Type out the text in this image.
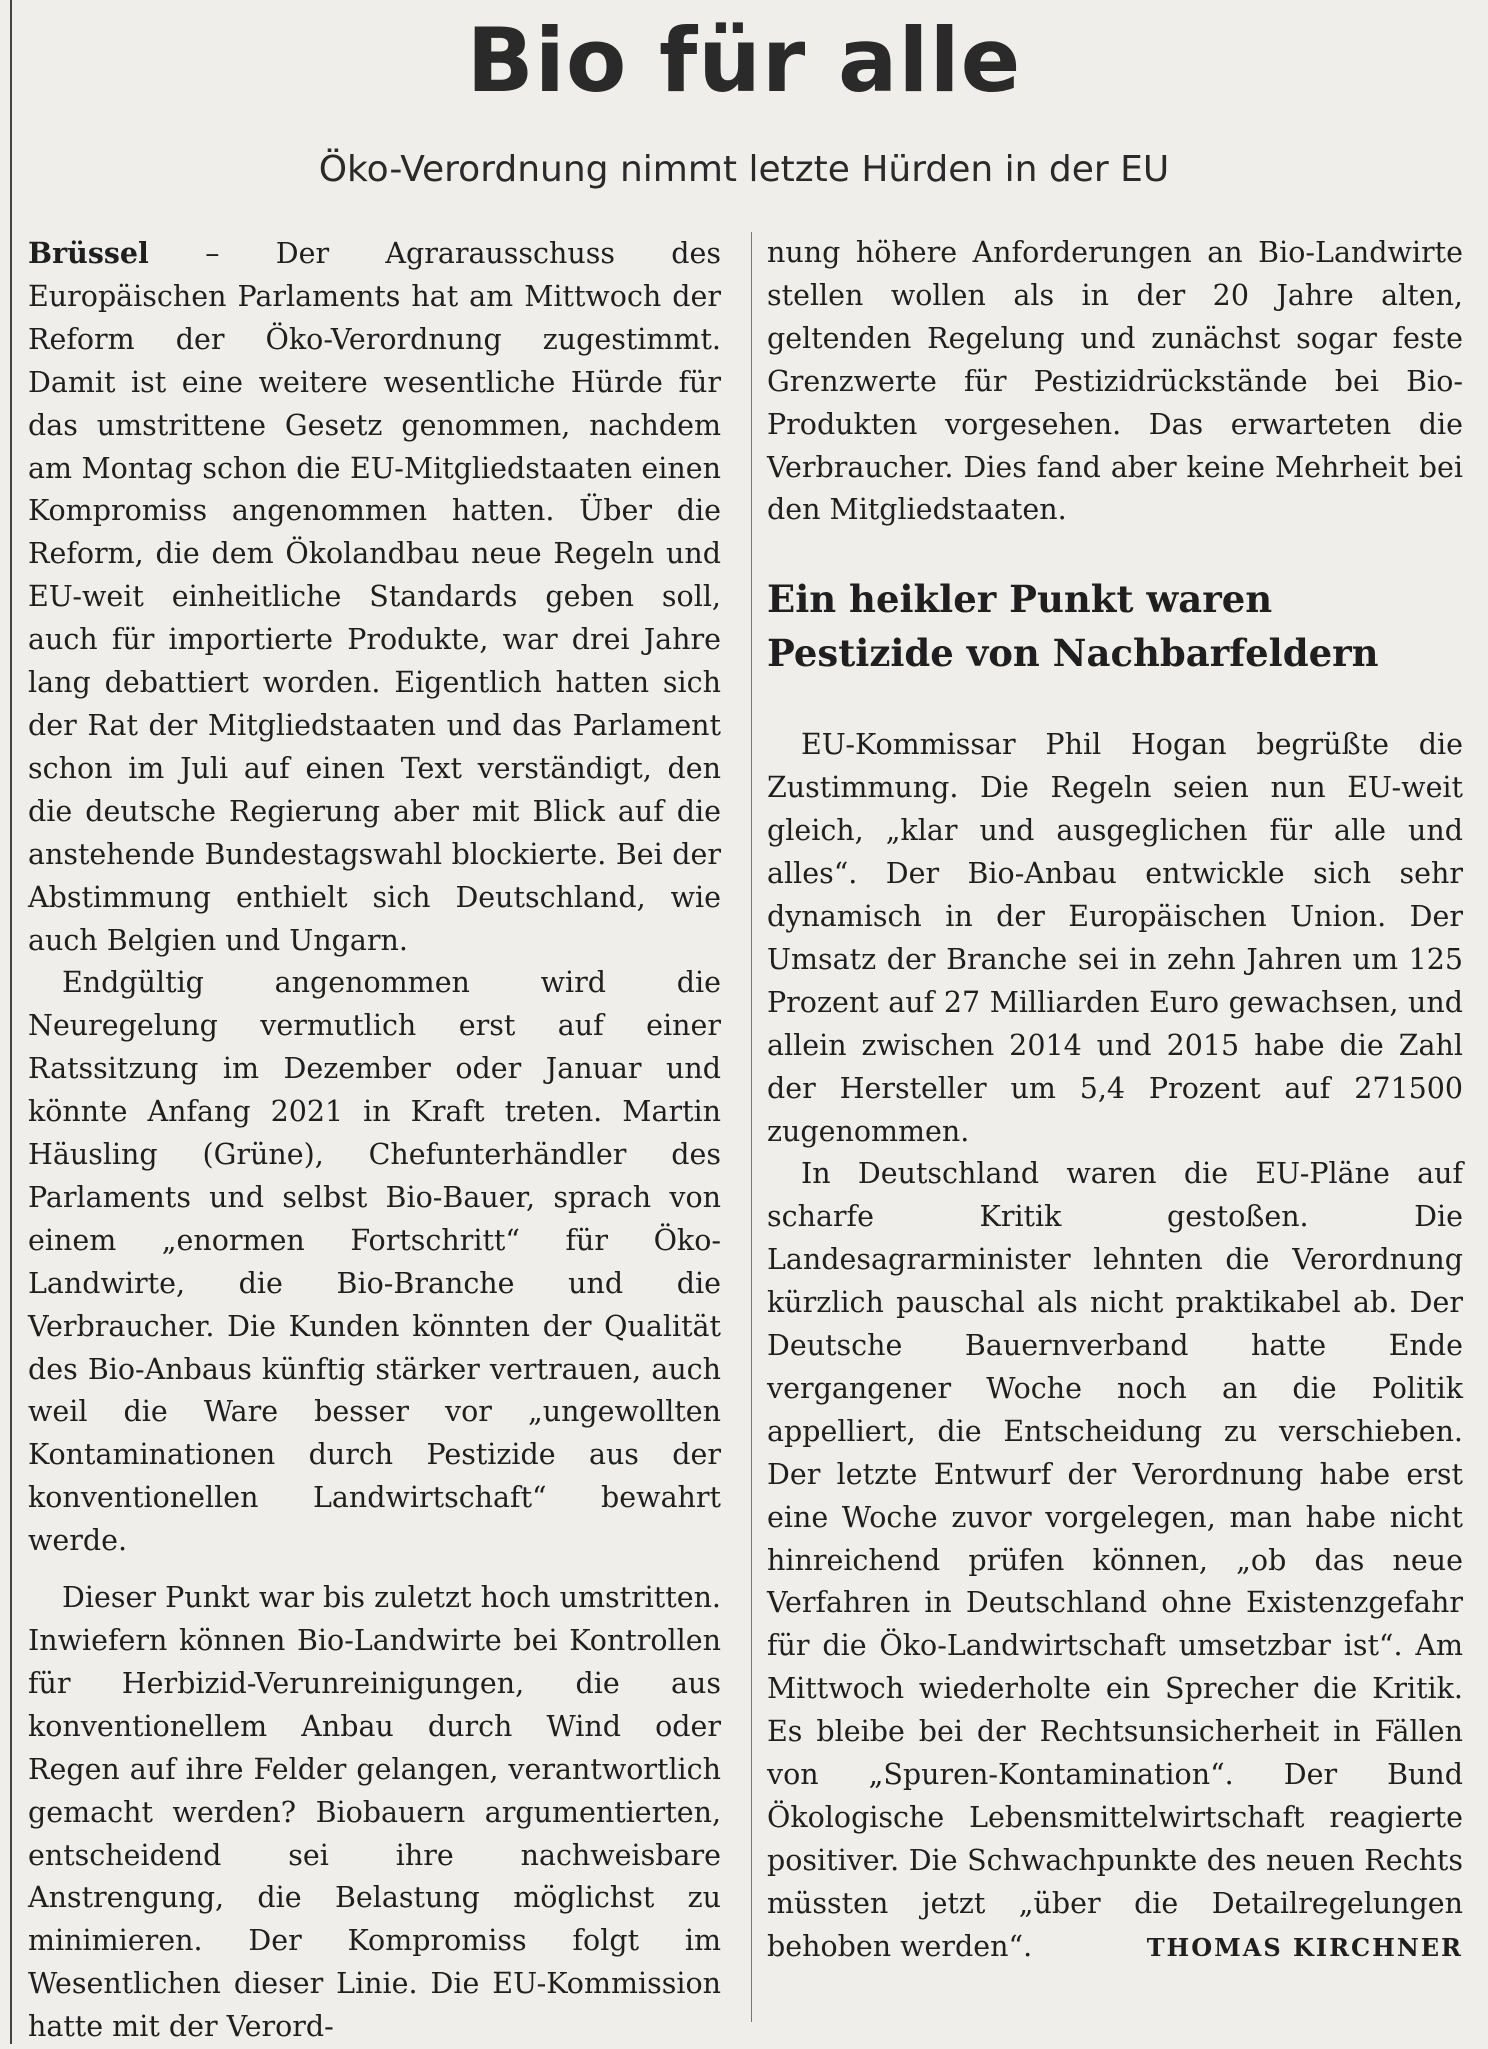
Bio für alle
Öko-Verordnung nimmt letzte Hürden in der EU

Brüssel – Der Agrarausschuss des Europäischen Parlaments hat am Mittwoch der Reform der Öko-Verordnung zugestimmt. Damit ist eine weitere wesentliche Hürde für das umstrittene Gesetz genommen, nachdem am Montag schon die EU-Mitgliedstaaten einen Kompromiss angenommen hatten. Über die Reform, die dem Ökolandbau neue Regeln und EU-weit einheitliche Standards geben soll, auch für importierte Produkte, war drei Jahre lang debattiert worden. Eigentlich hatten sich der Rat der Mitgliedstaaten und das Parlament schon im Juli auf einen Text verständigt, den die deutsche Regierung aber mit Blick auf die anstehende Bundestagswahl blockierte. Bei der Abstimmung enthielt sich Deutschland, wie auch Belgien und Ungarn.

Endgültig angenommen wird die Neuregelung vermutlich erst auf einer Ratssitzung im Dezember oder Januar und könnte Anfang 2021 in Kraft treten. Martin Häusling (Grüne), Chefunterhändler des Parlaments und selbst Bio-Bauer, sprach von einem „enormen Fortschritt“ für Öko-Landwirte, die Bio-Branche und die Verbraucher. Die Kunden könnten der Qualität des Bio-Anbaus künftig stärker vertrauen, auch weil die Ware besser vor „ungewollten Kontaminationen durch Pestizide aus der konventionellen Landwirtschaft“ bewahrt werde.

Dieser Punkt war bis zuletzt hoch umstritten. Inwiefern können Bio-Landwirte bei Kontrollen für Herbizid-Verunreinigungen, die aus konventionellem Anbau durch Wind oder Regen auf ihre Felder gelangen, verantwortlich gemacht werden? Biobauern argumentierten, entscheidend sei ihre nachweisbare Anstrengung, die Belastung möglichst zu minimieren. Der Kompromiss folgt im Wesentlichen dieser Linie. Die EU-Kommission hatte mit der Verord-

nung höhere Anforderungen an Bio-Landwirte stellen wollen als in der 20 Jahre alten, geltenden Regelung und zunächst sogar feste Grenzwerte für Pestizidrückstände bei Bio-Produkten vorgesehen. Das erwarteten die Verbraucher. Dies fand aber keine Mehrheit bei den Mitgliedstaaten.

Ein heikler Punkt waren Pestizide von Nachbarfeldern

EU-Kommissar Phil Hogan begrüßte die Zustimmung. Die Regeln seien nun EU-weit gleich, „klar und ausgeglichen für alle und alles“. Der Bio-Anbau entwickle sich sehr dynamisch in der Europäischen Union. Der Umsatz der Branche sei in zehn Jahren um 125 Prozent auf 27 Milliarden Euro gewachsen, und allein zwischen 2014 und 2015 habe die Zahl der Hersteller um 5,4 Prozent auf 271500 zugenommen.

In Deutschland waren die EU-Pläne auf scharfe Kritik gestoßen. Die Landesagrarminister lehnten die Verordnung kürzlich pauschal als nicht praktikabel ab. Der Deutsche Bauernverband hatte Ende vergangener Woche noch an die Politik appelliert, die Entscheidung zu verschieben. Der letzte Entwurf der Verordnung habe erst eine Woche zuvor vorgelegen, man habe nicht hinreichend prüfen können, „ob das neue Verfahren in Deutschland ohne Existenzgefahr für die Öko-Landwirtschaft umsetzbar ist“. Am Mittwoch wiederholte ein Sprecher die Kritik. Es bleibe bei der Rechtsunsicherheit in Fällen von „Spuren-Kontamination“. Der Bund Ökologische Lebensmittelwirtschaft reagierte positiver. Die Schwachpunkte des neuen Rechts müssten jetzt „über die Detailregelungen behoben werden“.	THOMAS KIRCHNER
